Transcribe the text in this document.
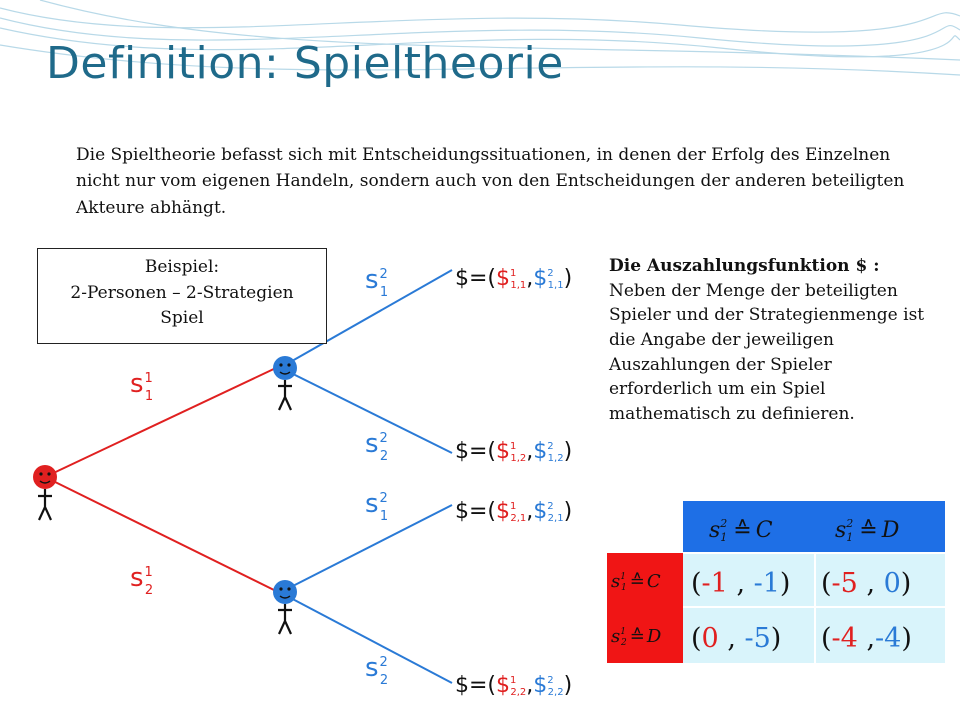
Definition: Spieltheorie

Die Spieltheorie befasst sich mit Entscheidungssituationen, in denen der Erfolg des Einzelnen nicht nur vom eigenen Handeln, sondern auch von den Entscheidungen der anderen beteiligten Akteure abhängt.

$s^1$ 1
$s^1$ 2
$s^2$ 1
$s^2$ 2
$s^2$ 1
$s^2$ 2
$=(\$$^1$ 1,1,\$$^2$ 1,1)
$=(\$$^1$ 1,2,\$$^2$ 1,2)
$=(\$$^1$ 2,1,\$$^2$ 2,1)
$=(\$$^1$ 2,2,\$$^2$ 2,2)
Beispiel:
2-Personen – 2-Strategien
Spiel
Die Auszahlungsfunktion $ :
Neben der Menge der beteiligten Spieler und der Strategienmenge ist die Angabe der jeweiligen Auszahlungen der Spieler erforderlich um ein Spiel mathematisch zu definieren.
$s^2$ 1 ≙ C	$s^2$ 1 ≙ D
$s^1$ 1 ≙ C
$s^1$ 2 ≙ D
(-1 , -1) (-5 , 0)
(0 , -5) (-4 ,-4)
